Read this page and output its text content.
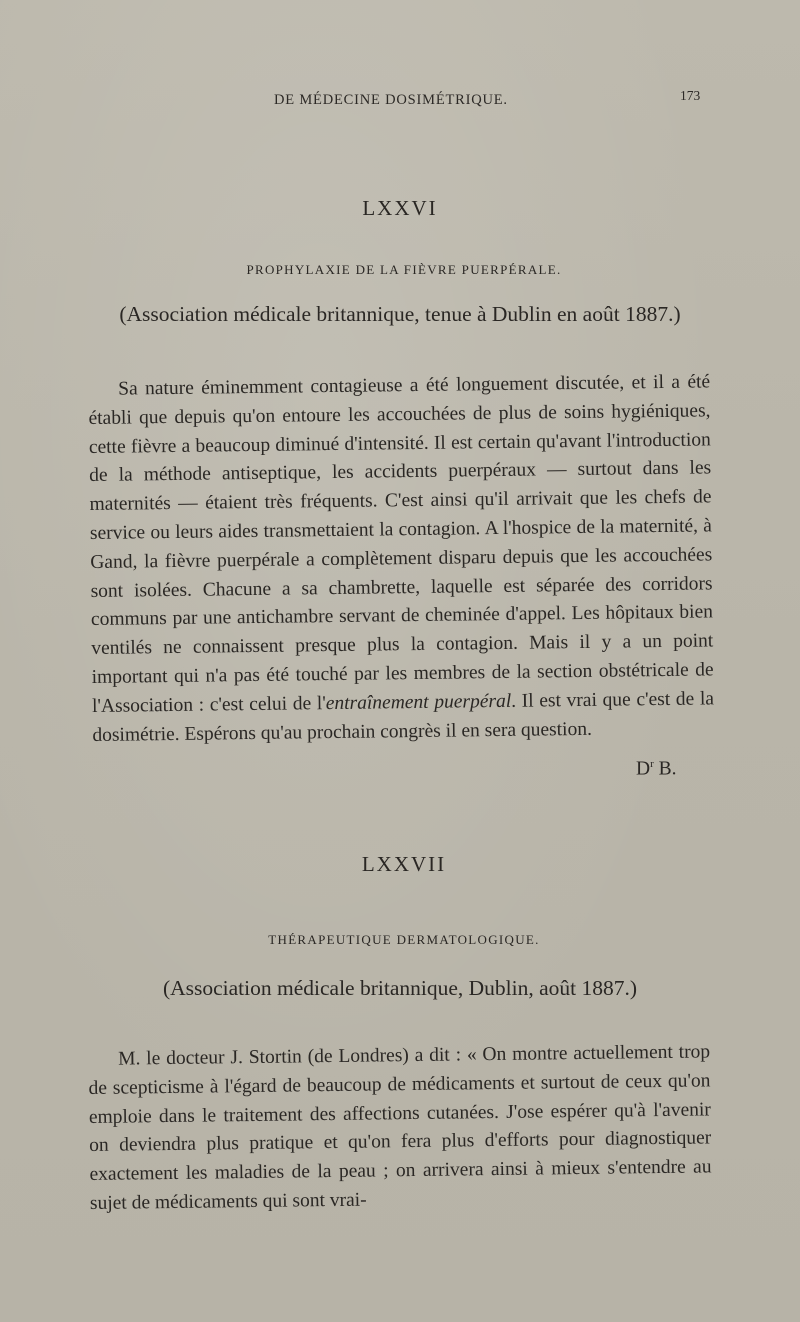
DE MÉDECINE DOSIMÉTRIQUE.	173
LXXVI
PROPHYLAXIE DE LA FIÈVRE PUERPÉRALE.
(Association médicale britannique, tenue à Dublin en août 1887.)

Sa nature éminemment contagieuse a été longuement discutée, et il a été établi que depuis qu'on entoure les accouchées de plus de soins hygiéniques, cette fièvre a beaucoup diminué d'intensité. Il est certain qu'avant l'introduction de la méthode antiseptique, les accidents puerpéraux — surtout dans les maternités — étaient très fréquents. C'est ainsi qu'il arrivait que les chefs de service ou leurs aides transmettaient la contagion. A l'hospice de la maternité, à Gand, la fièvre puerpérale a complètement disparu depuis que les accouchées sont isolées. Chacune a sa chambrette, laquelle est séparée des corridors communs par une antichambre servant de cheminée d'appel. Les hôpitaux bien ventilés ne connaissent presque plus la contagion. Mais il y a un point important qui n'a pas été touché par les membres de la section obstétricale de l'Association : c'est celui de l'entraînement puerpéral. Il est vrai que c'est de la dosimétrie. Espérons qu'au prochain congrès il en sera question.

$D^r$ B.
LXXVII
THÉRAPEUTIQUE DERMATOLOGIQUE.
(Association médicale britannique, Dublin, août 1887.)

M. le docteur J. Stortin (de Londres) a dit : « On montre actuellement trop de scepticisme à l'égard de beaucoup de médicaments et surtout de ceux qu'on emploie dans le traitement des affections cutanées. J'ose espérer qu'à l'avenir on deviendra plus pratique et qu'on fera plus d'efforts pour diagnostiquer exactement les maladies de la peau ; on arrivera ainsi à mieux s'entendre au sujet de médicaments qui sont vrai-
